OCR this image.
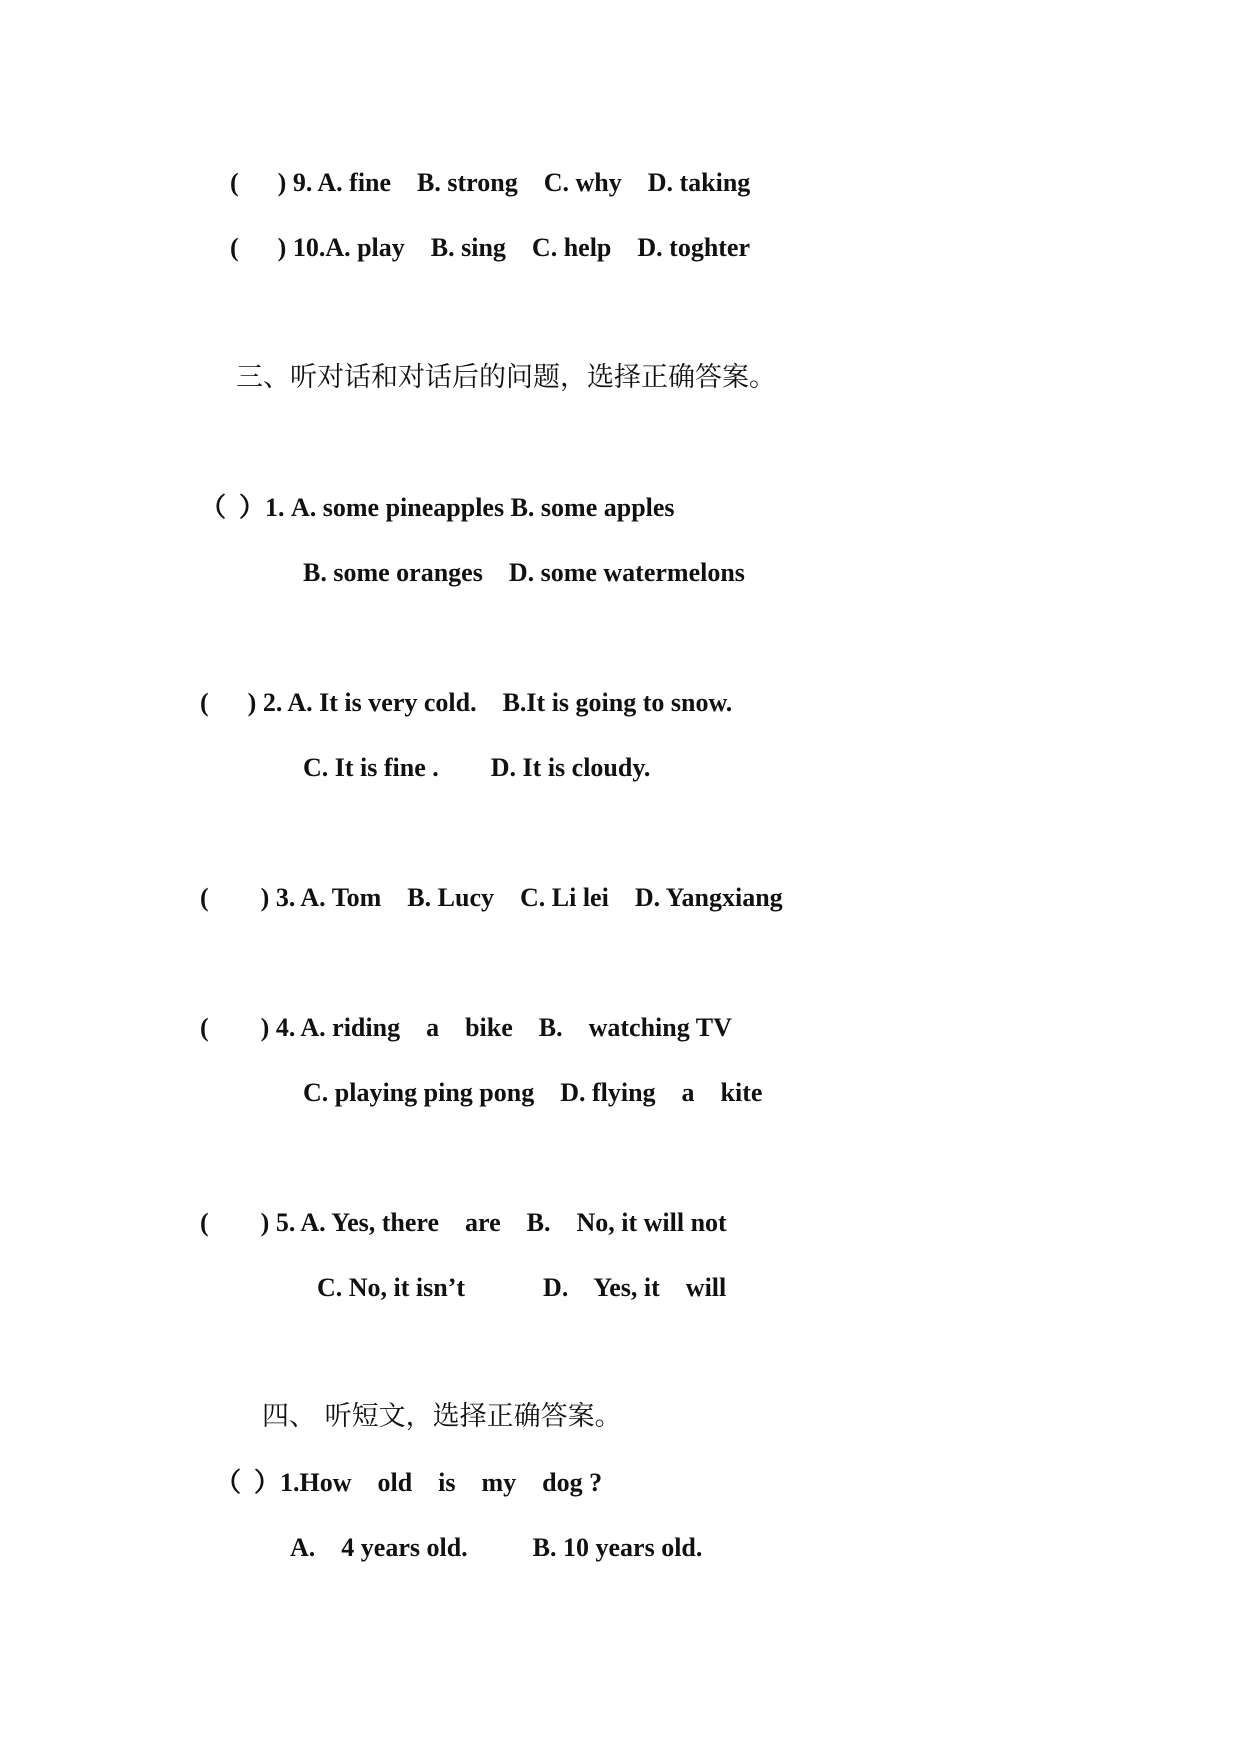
(      ) 9. A. fine    B. strong    C. why    D. taking
(      ) 10.A. play    B. sing    C. help    D. toghter
三、听对话和对话后的问题，选择正确答案。
（  ）1. A. some pineapples B. some apples
B. some oranges    D. some watermelons
(      ) 2. A. It is very cold.    B.It is going to snow.
C. It is fine .        D. It is cloudy.
(        ) 3. A. Tom    B. Lucy    C. Li lei    D. Yangxiang
(        ) 4. A. riding    a    bike    B.    watching TV
C. playing ping pong    D. flying    a    kite
(        ) 5. A. Yes, there    are    B.    No, it will not
C. No, it isn’t            D.    Yes, it    will
四、 听短文，选择正确答案。
（  ）1.How    old    is    my    dog ?
A.    4 years old.          B. 10 years old.
